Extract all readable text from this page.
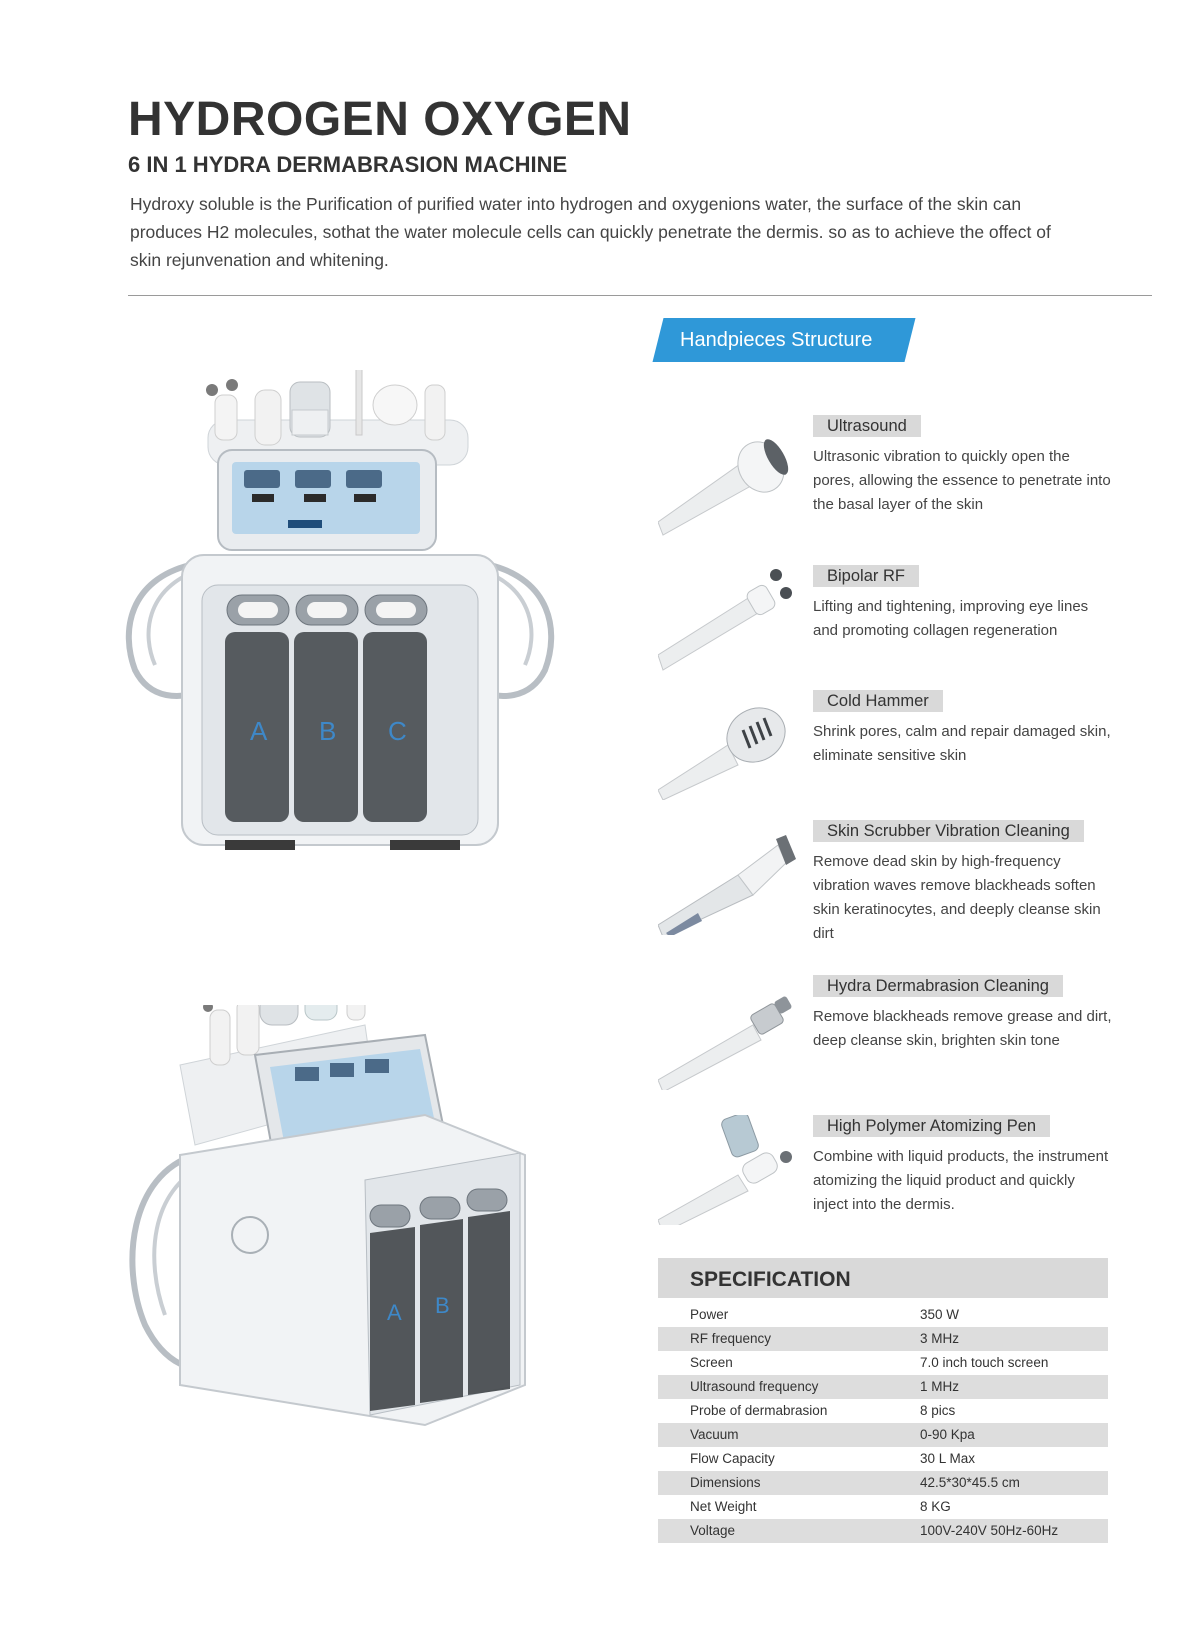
HYDROGEN OXYGEN
6 IN 1 HYDRA DERMABRASION MACHINE
Hydroxy soluble is the Purification of purified water into hydrogen and oxygenions water, the surface of the skin can produces H2 molecules, sothat the water molecule cells can quickly penetrate the dermis. so as to achieve the offect of skin rejunvenation and whitening.
Handpieces Structure
A B C
A B
Ultrasound
Ultrasonic vibration to quickly open the pores, allowing the essence to penetrate into the basal layer of the skin
Bipolar RF
Lifting and tightening, improving eye lines and promoting collagen regeneration
Cold Hammer
Shrink pores, calm and repair damaged skin, eliminate sensitive skin
Skin Scrubber Vibration Cleaning
Remove dead skin by high-frequency vibration waves remove blackheads soften skin keratinocytes, and deeply cleanse skin dirt
Hydra Dermabrasion Cleaning
Remove blackheads remove grease and dirt, deep cleanse skin, brighten skin tone
High Polymer Atomizing Pen
Combine with liquid products, the instrument atomizing the liquid product and quickly inject into the dermis.
SPECIFICATION
Power	350 W
RF frequency	3 MHz
Screen	7.0 inch touch screen
Ultrasound frequency	1 MHz
Probe of dermabrasion	8 pics
Vacuum	0-90 Kpa
Flow Capacity	30 L Max
Dimensions	42.5*30*45.5 cm
Net Weight	8 KG
Voltage	100V-240V 50Hz-60Hz
